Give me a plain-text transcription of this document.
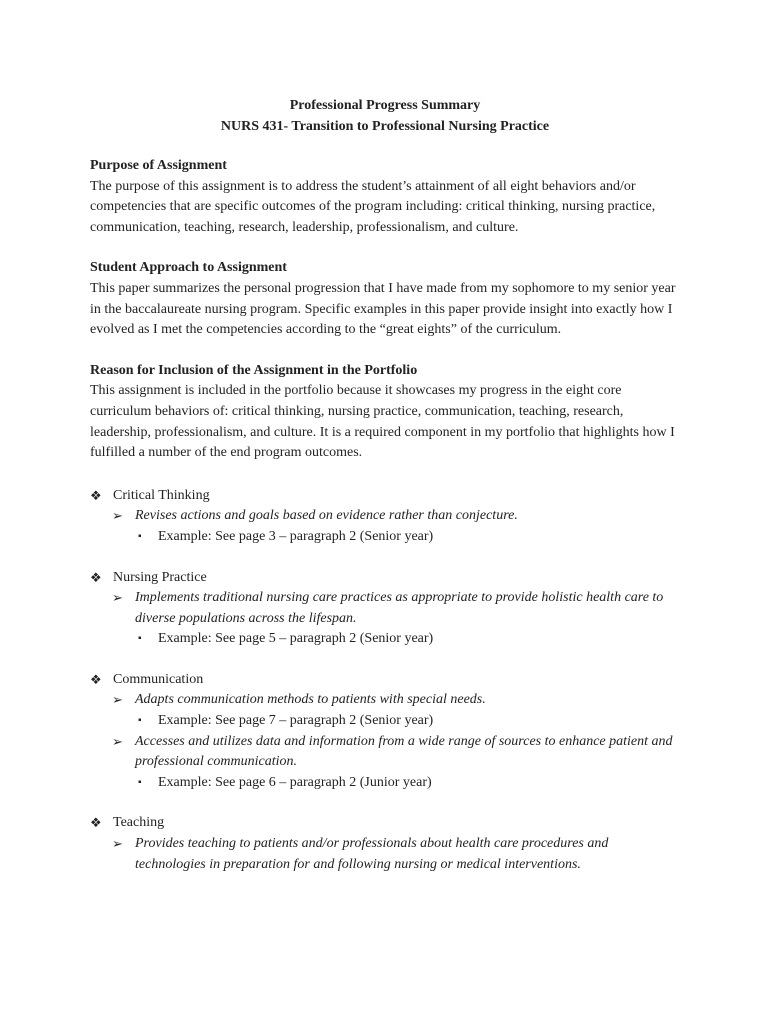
Professional Progress Summary

NURS 431- Transition to Professional Nursing Practice

Purpose of Assignment

The purpose of this assignment is to address the student’s attainment of all eight behaviors and/or competencies that are specific outcomes of the program including: critical thinking, nursing practice, communication, teaching, research, leadership, professionalism, and culture.

Student Approach to Assignment

This paper summarizes the personal progression that I have made from my sophomore to my senior year in the baccalaureate nursing program. Specific examples in this paper provide insight into exactly how I evolved as I met the competencies according to the “great eights” of the curriculum.

Reason for Inclusion of the Assignment in the Portfolio

This assignment is included in the portfolio because it showcases my progress in the eight core curriculum behaviors of: critical thinking, nursing practice, communication, teaching, research, leadership, professionalism, and culture. It is a required component in my portfolio that highlights how I fulfilled a number of the end program outcomes.

❖ Critical Thinking
➢ Revises actions and goals based on evidence rather than conjecture.
▪ Example: See page 3 – paragraph 2 (Senior year)
❖ Nursing Practice
➢ Implements traditional nursing care practices as appropriate to provide holistic health care to diverse populations across the lifespan.
▪ Example: See page 5 – paragraph 2 (Senior year)
❖ Communication
➢ Adapts communication methods to patients with special needs.
▪ Example: See page 7 – paragraph 2 (Senior year)
➢ Accesses and utilizes data and information from a wide range of sources to enhance patient and professional communication.
▪ Example: See page 6 – paragraph 2 (Junior year)
❖ Teaching
➢ Provides teaching to patients and/or professionals about health care procedures and technologies in preparation for and following nursing or medical interventions.
